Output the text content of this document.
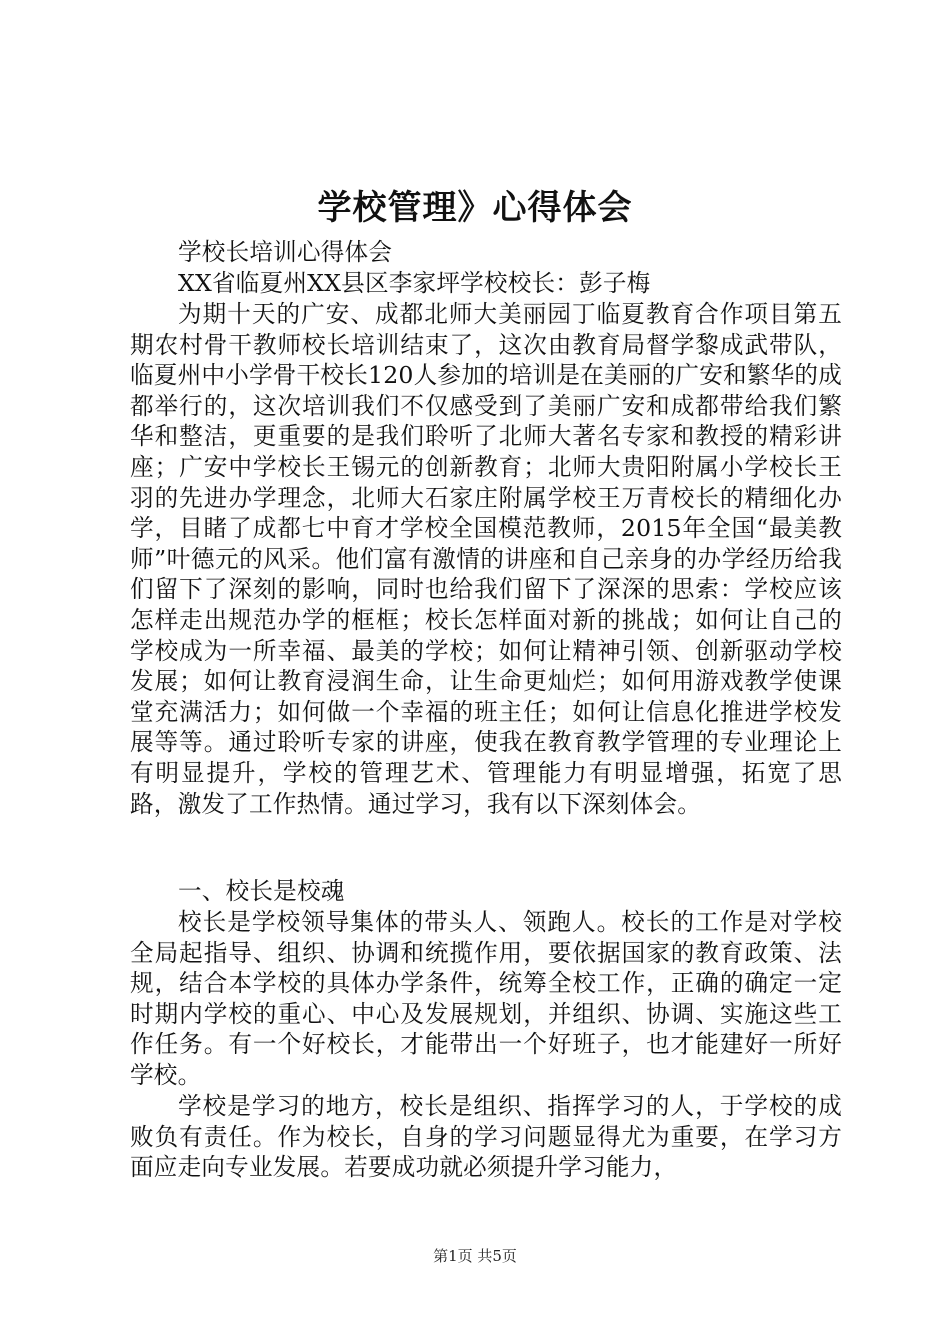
学校管理》心得体会
学校长培训心得体会
XX省临夏州XX县区李家坪学校校长：彭子梅
为期十天的广安、成都北师大美丽园丁临夏教育合作项目第五期农村骨干教师校长培训结束了，这次由教育局督学黎成武带队，临夏州中小学骨干校长120人参加的培训是在美丽的广安和繁华的成都举行的，这次培训我们不仅感受到了美丽广安和成都带给我们繁华和整洁，更重要的是我们聆听了北师大著名专家和教授的精彩讲座；广安中学校长王锡元的创新教育；北师大贵阳附属小学校长王羽的先进办学理念，北师大石家庄附属学校王万青校长的精细化办学，目睹了成都七中育才学校全国模范教师，2015年全国“最美教师”叶德元的风采。他们富有激情的讲座和自己亲身的办学经历给我们留下了深刻的影响，同时也给我们留下了深深的思索：学校应该怎样走出规范办学的框框；校长怎样面对新的挑战；如何让自己的学校成为一所幸福、最美的学校；如何让精神引领、创新驱动学校发展；如何让教育浸润生命，让生命更灿烂；如何用游戏教学使课堂充满活力；如何做一个幸福的班主任；如何让信息化推进学校发展等等。通过聆听专家的讲座，使我在教育教学管理的专业理论上有明显提升，学校的管理艺术、管理能力有明显增强，拓宽了思路，激发了工作热情。通过学习，我有以下深刻体会。
一、校长是校魂
校长是学校领导集体的带头人、领跑人。校长的工作是对学校全局起指导、组织、协调和统揽作用，要依据国家的教育政策、法规，结合本学校的具体办学条件，统筹全校工作，正确的确定一定时期内学校的重心、中心及发展规划，并组织、协调、实施这些工作任务。有一个好校长，才能带出一个好班子，也才能建好一所好学校。
学校是学习的地方，校长是组织、指挥学习的人，于学校的成败负有责任。作为校长，自身的学习问题显得尤为重要，在学习方面应走向专业发展。若要成功就必须提升学习能力，
第1页 共5页
